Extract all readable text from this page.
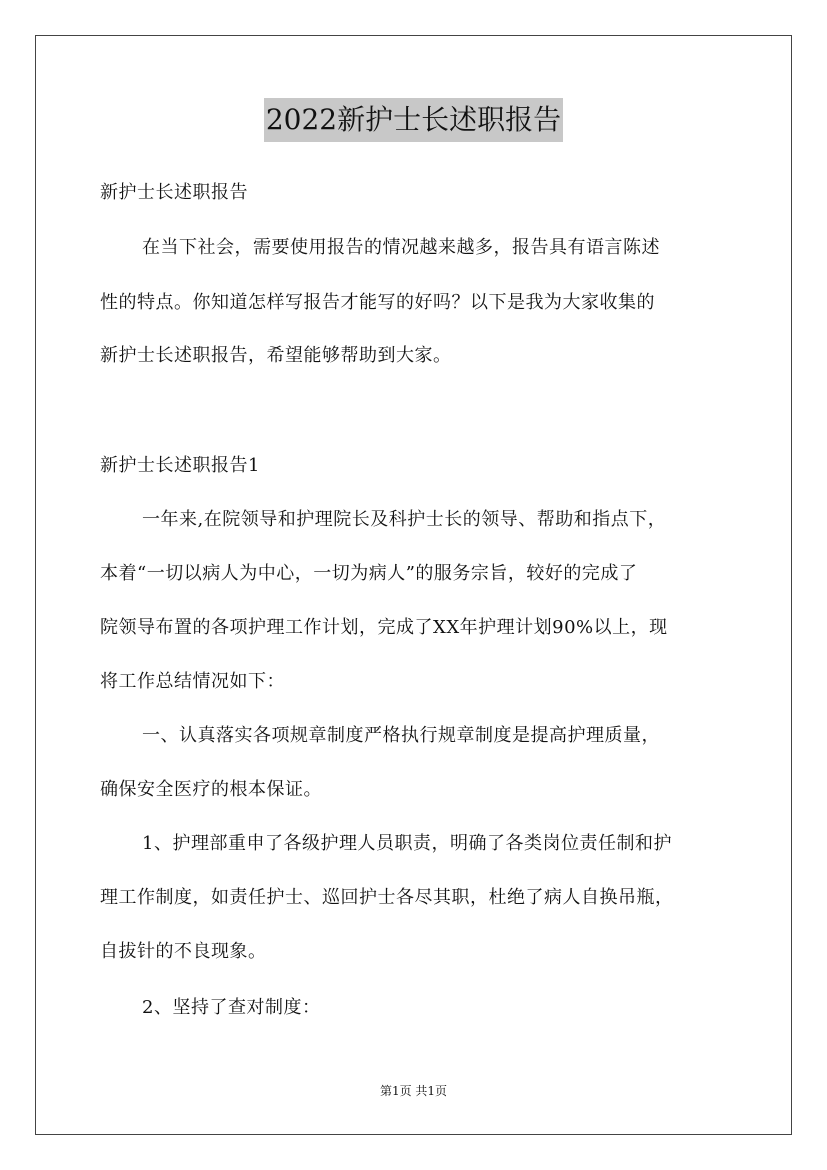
2022新护士长述职报告
新护士长述职报告
在当下社会，需要使用报告的情况越来越多，报告具有语言陈述
性的特点。你知道怎样写报告才能写的好吗？以下是我为大家收集的
新护士长述职报告，希望能够帮助到大家。
新护士长述职报告1
一年来,在院领导和护理院长及科护士长的领导、帮助和指点下，
本着“一切以病人为中心，一切为病人”的服务宗旨，较好的完成了
院领导布置的各项护理工作计划，完成了XX年护理计划90%以上，现
将工作总结情况如下：
一、认真落实各项规章制度严格执行规章制度是提高护理质量，
确保安全医疗的根本保证。
1、护理部重申了各级护理人员职责，明确了各类岗位责任制和护
理工作制度，如责任护士、巡回护士各尽其职，杜绝了病人自换吊瓶，
自拔针的不良现象。
2、坚持了查对制度：
第1页 共1页
